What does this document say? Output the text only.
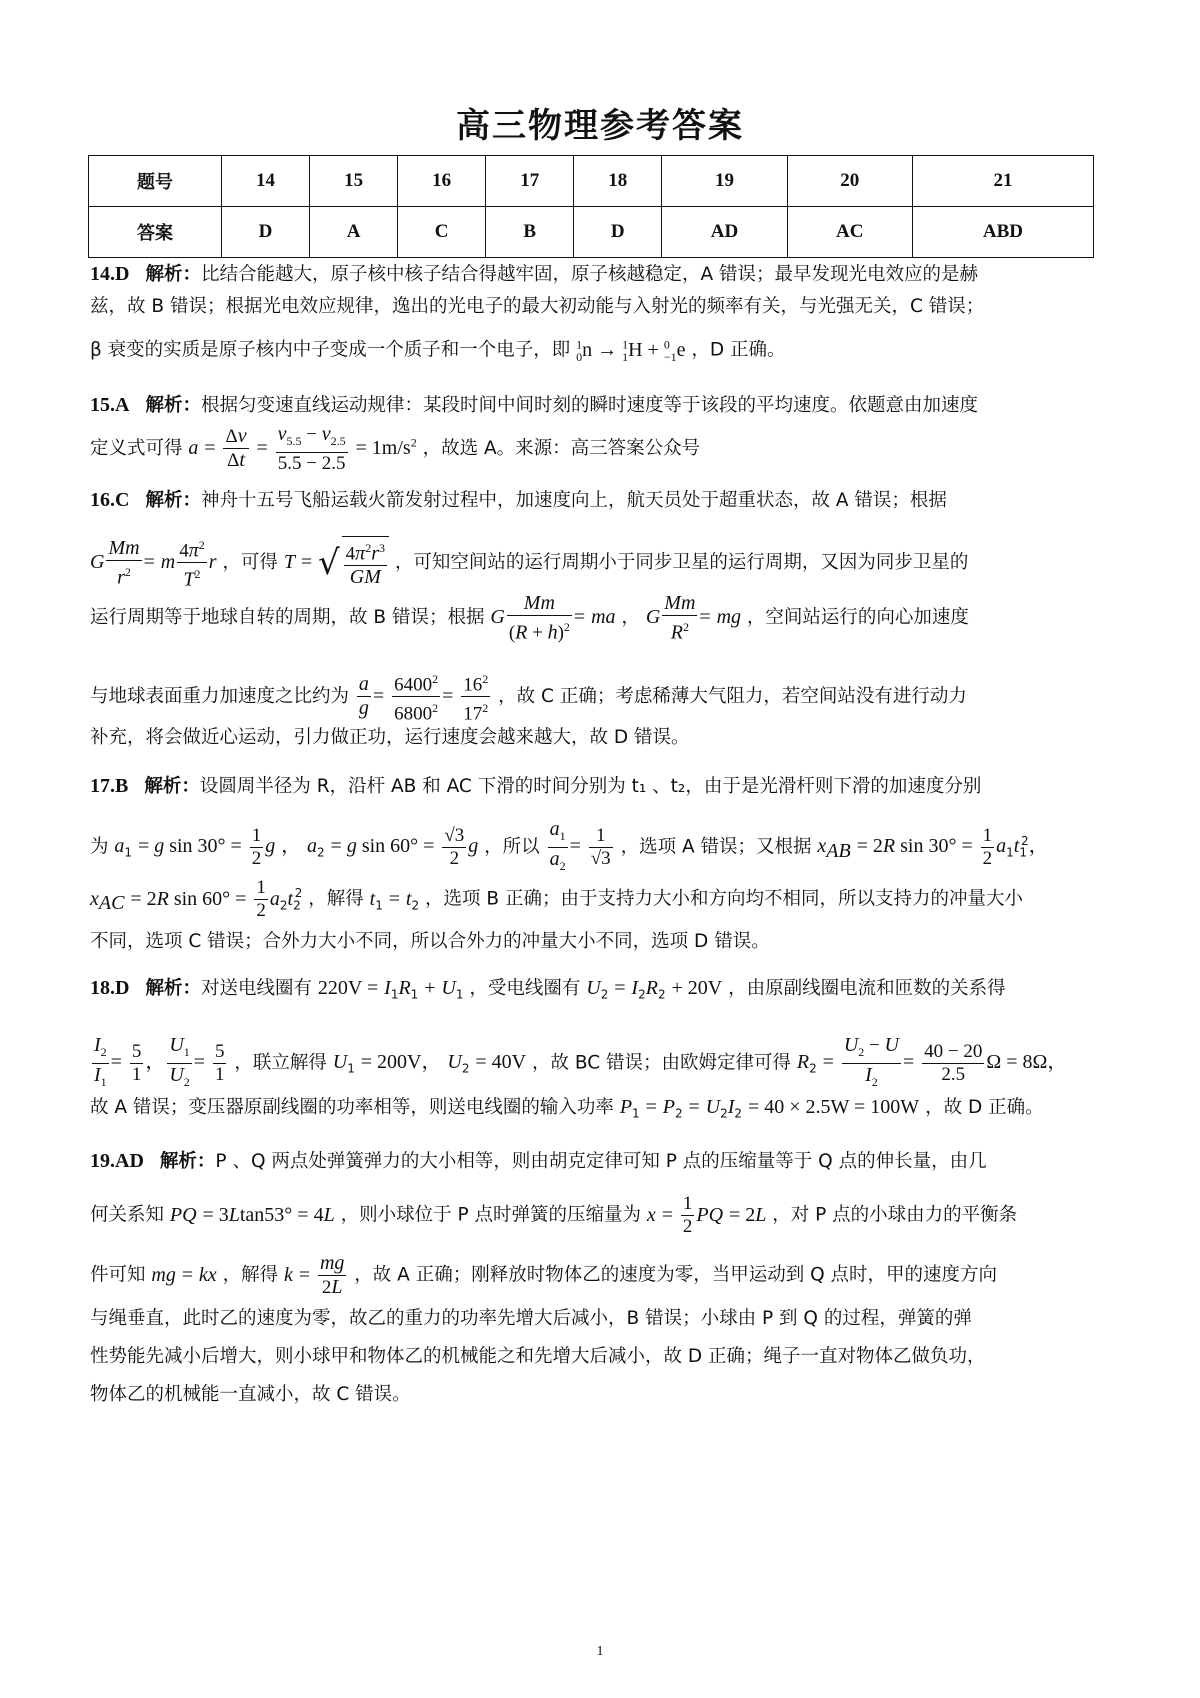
高三物理参考答案
题号	14	15	16	17	18	19	20	21
答案	D	A	C	B	D	AD	AC	ABD
14.D 解析：比结合能越大，原子核中核子结合得越牢固，原子核越稳定，A 错误；最早发现光电效应的是赫
兹，故 B 错误；根据光电效应规律，逸出的光电子的最大初动能与入射光的频率有关，与光强无关，C 错误；
β 衰变的实质是原子核内中子变成一个质子和一个电子，即 $^1_0$n → $^1_1$H + $^0_{-1}$e ，D 正确。
15.A 解析：根据匀变速直线运动规律：某段时间中间时刻的瞬时速度等于该段的平均速度。依题意由加速度
定义式可得 $a = \frac{\Delta v}{\Delta t} = \frac{v_{5.5} - v_{2.5}}{5.5 - 2.5} = 1m/s^2$ ，故选 A。来源：高三答案公众号
16.C 解析：神舟十五号飞船运载火箭发射过程中，加速度向上，航天员处于超重状态，故 A 错误；根据
G $\frac{Mm}{r^2} = m \frac{4\pi^2}{T^2}$ r ，可得 T = √ $\frac{4\pi^2r^3}{GM}$ ，可知空间站的运行周期小于同步卫星的运行周期，又因为同步卫星的
运行周期等于地球自转的周期，故 B 错误；根据 G $\frac{Mm}{(R + h)^2}$ = ma ， G $\frac{Mm}{R^2}$ = mg ，空间站运行的向心加速度
与地球表面重力加速度之比约为 $\frac{a}{g} = \frac{6400^2}{6800^2} = \frac{16^2}{17^2}$ ，故 C 正确；考虑稀薄大气阻力，若空间站没有进行动力
补充，将会做近心运动，引力做正功，运行速度会越来越大，故 D 错误。
17.B 解析：设圆周半径为 R，沿杆 AB 和 AC 下滑的时间分别为 t₁ 、t₂，由于是光滑杆则下滑的加速度分别
为 $a_1 = g$ $\sin 30^\circ = \frac{1}{2}$ g ， $a_2 = g$ $\sin 60^\circ = \frac{√3}{2}$ g ，所以 $\frac{a_1}{a_2} = \frac{1}{√3}$ ，选项 A 错误；又根据 $x_{AB} = 2R$ $\sin 30^\circ = \frac{1}{2} a_1t_1^2$，
$x_{AC} = 2R$ $\sin 60^\circ = \frac{1}{2} a_2t_2^2$ ，解得 $t_1 = t_2$ ，选项 B 正确；由于支持力大小和方向均不相同，所以支持力的冲量大小
不同，选项 C 错误；合外力大小不同，所以合外力的冲量大小不同，选项 D 错误。
18.D 解析：对送电线圈有 $220V = I_1R_1 + U_1$ ，受电线圈有 $U_2 = I_2R_2 + 20V$ ，由原副线圈电流和匝数的关系得
$\frac{I_2}{I_1} = \frac{5}{1}$ ， $\frac{U_1}{U_2} = \frac{5}{1}$ ，联立解得 $U_1 = 200V$， $U_2 = 40V$ ，故 BC 错误；由欧姆定律可得 $R_2 = \frac{U_2 - U}{I_2} = \frac{40 - 20}{2.5}$ Ω = 8Ω，
故 A 错误；变压器原副线圈的功率相等，则送电线圈的输入功率 $P_1 = P_2 = U_2I_2 = 40 \times 2.5W = 100W$ ，故 D 正确。
19.AD 解析：P 、Q 两点处弹簧弹力的大小相等，则由胡克定律可知 P 点的压缩量等于 Q 点的伸长量，由几
何关系知 PQ = 3Ltan53° = 4L ，则小球位于 P 点时弹簧的压缩量为 $x = \frac{1}{2}$ PQ = 2L ，对 P 点的小球由力的平衡条
件可知 mg = kx ，解得 $k = \frac{mg}{2L}$ ，故 A 正确；刚释放时物体乙的速度为零，当甲运动到 Q 点时，甲的速度方向
与绳垂直，此时乙的速度为零，故乙的重力的功率先增大后减小，B 错误；小球由 P 到 Q 的过程，弹簧的弹
性势能先减小后增大，则小球甲和物体乙的机械能之和先增大后减小，故 D 正确；绳子一直对物体乙做负功，
物体乙的机械能一直减小，故 C 错误。
1
